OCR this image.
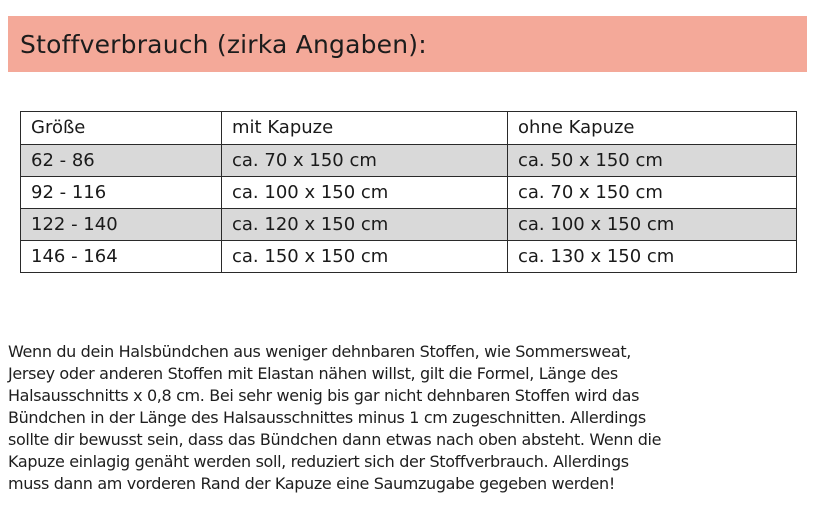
Stoffverbrauch (zirka Angaben):
Größe	mit Kapuze	ohne Kapuze
62 - 86	ca. 70 x 150 cm	ca. 50 x 150 cm
92 - 116	ca. 100 x 150 cm	ca. 70 x 150 cm
122 - 140	ca. 120 x 150 cm	ca. 100 x 150 cm
146 - 164	ca. 150 x 150 cm	ca. 130 x 150 cm

Wenn du dein Halsbündchen aus weniger dehnbaren Stoffen, wie Sommersweat,
Jersey oder anderen Stoffen mit Elastan nähen willst, gilt die Formel, Länge des
Halsausschnitts x 0,8 cm. Bei sehr wenig bis gar nicht dehnbaren Stoffen wird das
Bündchen in der Länge des Halsausschnittes minus 1 cm zugeschnitten. Allerdings
sollte dir bewusst sein, dass das Bündchen dann etwas nach oben absteht. Wenn die
Kapuze einlagig genäht werden soll, reduziert sich der Stoffverbrauch. Allerdings
muss dann am vorderen Rand der Kapuze eine Saumzugabe gegeben werden!
